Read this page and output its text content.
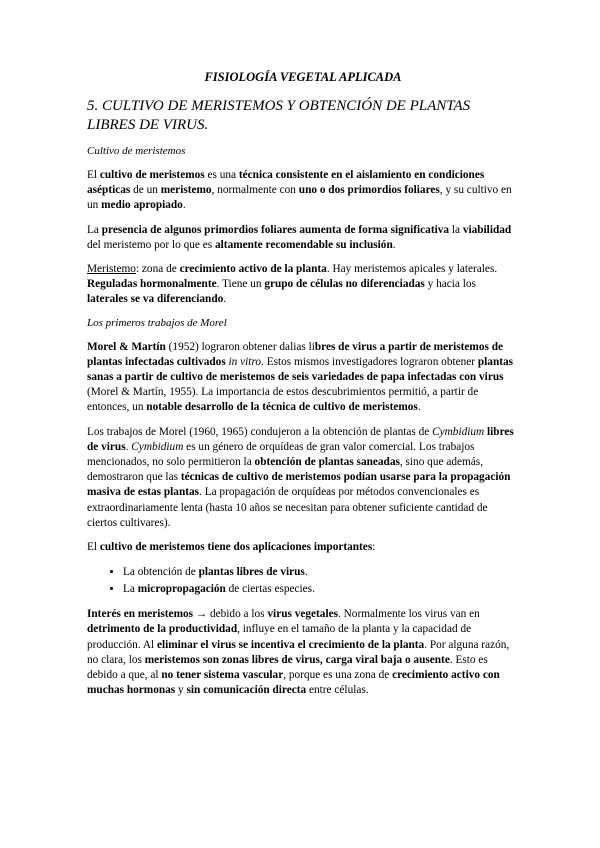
FISIOLOGÍA VEGETAL APLICADA
5. CULTIVO DE MERISTEMOS Y OBTENCIÓN DE PLANTAS LIBRES DE VIRUS.
Cultivo de meristemos

El cultivo de meristemos es una técnica consistente en el aislamiento en condiciones asépticas de un meristemo, normalmente con uno o dos primordios foliares, y su cultivo en un medio apropiado.

La presencia de algunos primordios foliares aumenta de forma significativa la viabilidad del meristemo por lo que es altamente recomendable su inclusión.

Meristemo: zona de crecimiento activo de la planta. Hay meristemos apicales y laterales. Reguladas hormonalmente. Tiene un grupo de células no diferenciadas y hacia los laterales se va diferenciando.

Los primeros trabajos de Morel

Morel & Martín (1952) lograron obtener dalias libres de virus a partir de meristemos de plantas infectadas cultivados in vitro. Estos mismos investigadores lograron obtener plantas sanas a partir de cultivo de meristemos de seis variedades de papa infectadas con virus (Morel & Martín, 1955). La importancia de estos descubrimientos permitió, a partir de entonces, un notable desarrollo de la técnica de cultivo de meristemos.

Los trabajos de Morel (1960, 1965) condujeron a la obtención de plantas de Cymbidium libres de virus. Cymbidium es un género de orquídeas de gran valor comercial. Los trabajos mencionados, no solo permitieron la obtención de plantas saneadas, sino que además, demostraron que las técnicas de cultivo de meristemos podían usarse para la propagación masiva de estas plantas. La propagación de orquídeas por métodos convencionales es extraordinariamente lenta (hasta 10 años se necesitan para obtener suficiente cantidad de ciertos cultivares).

El cultivo de meristemos tiene dos aplicaciones importantes:

• La obtención de plantas libres de virus.
• La micropropagación de ciertas especies.

Interés en meristemos → debido a los virus vegetales. Normalmente los virus van en detrimento de la productividad, influye en el tamaño de la planta y la capacidad de producción. Al eliminar el virus se incentiva el crecimiento de la planta. Por alguna razón, no clara, los meristemos son zonas libres de virus, carga viral baja o ausente. Esto es debido a que, al no tener sistema vascular, porque es una zona de crecimiento activo con muchas hormonas y sin comunicación directa entre células.
